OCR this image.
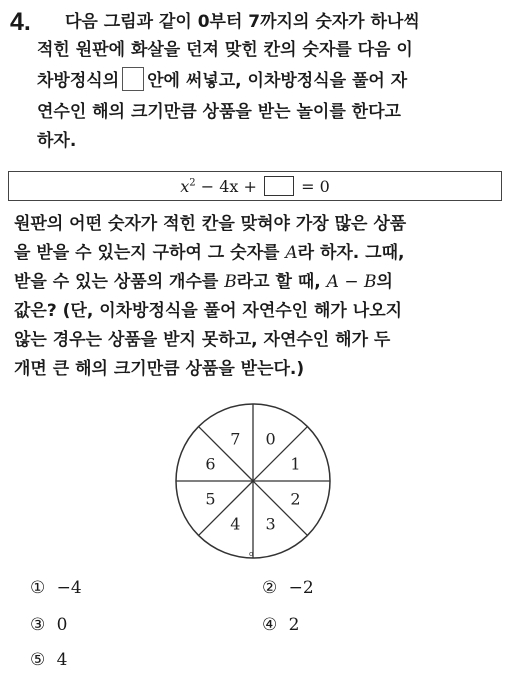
4. 다음 그림과 같이 0부터 7까지의 숫자가 하나씩
적힌 원판에 화살을 던져 맞힌 칸의 숫자를 다음 이
차방정식의 안에 써넣고, 이차방정식을 풀어 자
연수인 해의 크기만큼 상품을 받는 놀이를 한다고
하자.
$x^2 - 4x$ +	= 0
원판의 어떤 숫자가 적힌 칸을 맞혀야 가장 많은 상품
을 받을 수 있는지 구하여 그 숫자를 A라 하자. 그때,
받을 수 있는 상품의 개수를 B라고 할 때, A − B의
값은? (단, 이차방정식을 풀어 자연수인 해가 나오지
않는 경우는 상품을 받지 못하고, 자연수인 해가 두
개면 큰 해의 크기만큼 상품을 받는다.)
0
1
2
3
4
5
6
7
o
① −4	② −2
③ 0	④ 2
⑤ 4
